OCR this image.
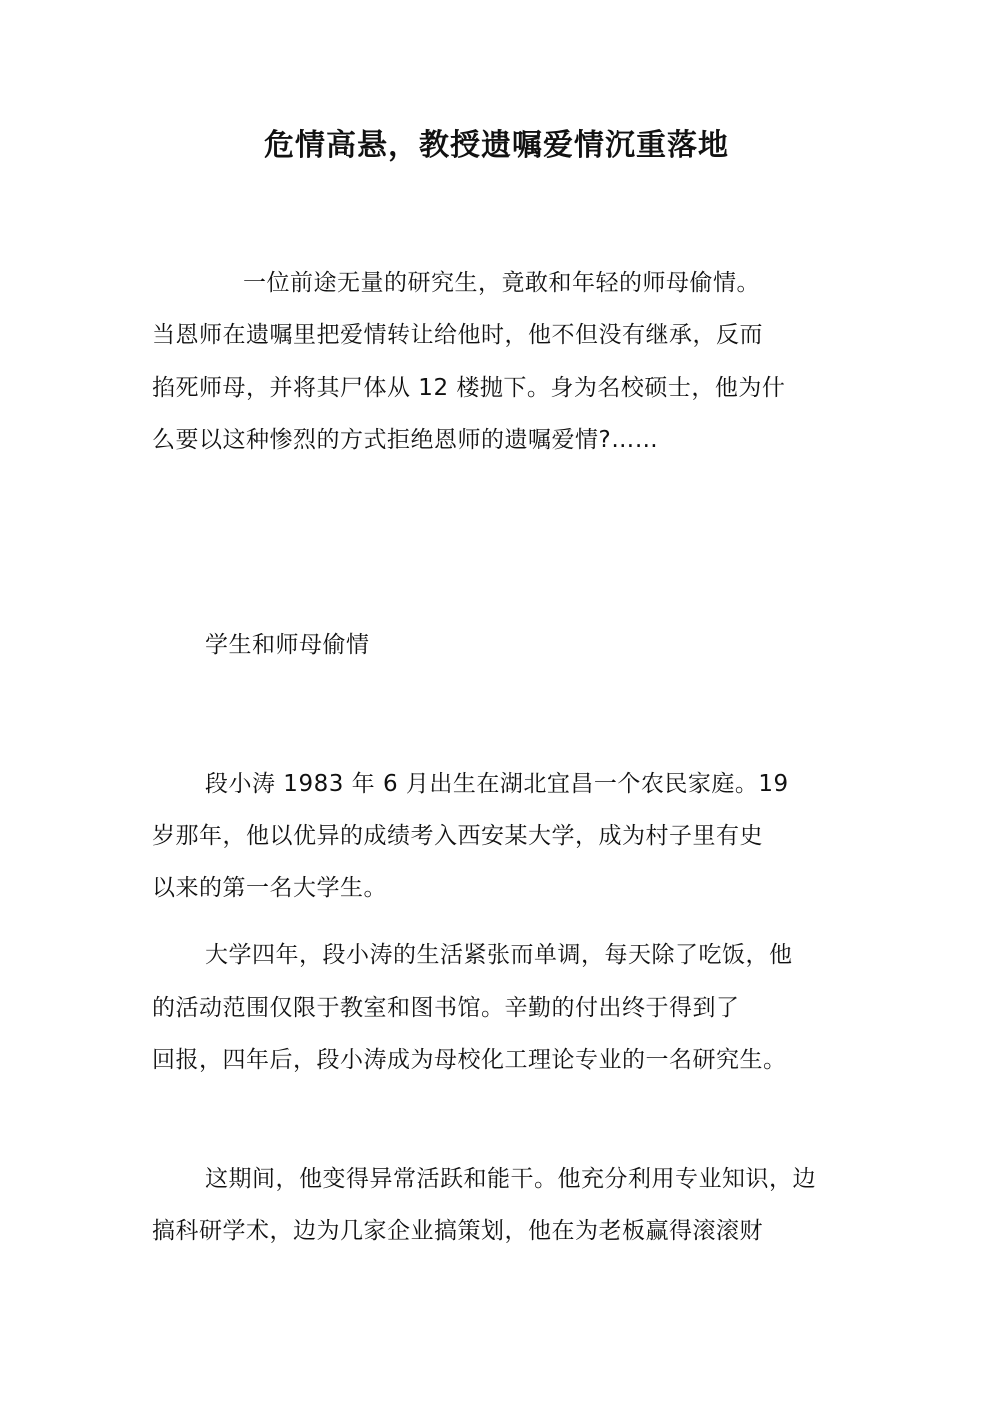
危情高悬，教授遗嘱爱情沉重落地
一位前途无量的研究生，竟敢和年轻的师母偷情。
当恩师在遗嘱里把爱情转让给他时，他不但没有继承，反而
掐死师母，并将其尸体从 12 楼抛下。身为名校硕士，他为什
么要以这种惨烈的方式拒绝恩师的遗嘱爱情?……
学生和师母偷情
段小涛 1983 年 6 月出生在湖北宜昌一个农民家庭。19
岁那年，他以优异的成绩考入西安某大学，成为村子里有史
以来的第一名大学生。
大学四年，段小涛的生活紧张而单调，每天除了吃饭，他
的活动范围仅限于教室和图书馆。辛勤的付出终于得到了
回报，四年后，段小涛成为母校化工理论专业的一名研究生。
这期间，他变得异常活跃和能干。他充分利用专业知识，边
搞科研学术，边为几家企业搞策划，他在为老板赢得滚滚财
